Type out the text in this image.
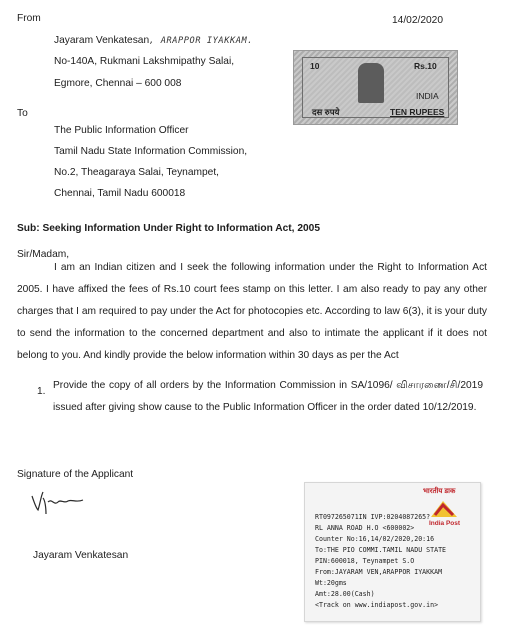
From	14/02/2020
Jayaram Venkatesan, ARAPPOR IYAKKAM.
No-140A, Rukmani Lakshmipathy Salai,
Egmore, Chennai – 600 008
10	Rs.10
INDIA
दस रुपये	TEN RUPEES
To
The Public Information Officer
Tamil Nadu State Information Commission,
No.2, Theagaraya Salai, Teynampet,
Chennai, Tamil Nadu 600018
Sub: Seeking Information Under Right to Information Act, 2005
Sir/Madam,
I am an Indian citizen and I seek the following information under the Right to Information Act 2005. I have affixed the fees of Rs.10 court fees stamp on this letter. I am also ready to pay any other charges that I am required to pay under the Act for photocopies etc. According to law 6(3), it is your duty to send the information to the concerned department and also to intimate the applicant if it does not belong to you. And kindly provide the below information within 30 days as per the Act
1.
Provide the copy of all orders by the Information Commission in SA/1096/ விசாரணை/சி/2019 issued after giving show cause to the Public Information Officer in the order dated 10/12/2019.
Signature of the Applicant
Jayaram Venkatesan
भारतीय डाक
India Post
RT097265071IN IVP:0204087265?
RL ANNA ROAD H.O <600002>
Counter No:16,14/02/2020,20:16
To:THE PIO COMMI.TAMIL NADU STATE
PIN:600018, Teynampet S.O
From:JAYARAM VEN,ARAPPOR IYAKKAM
Wt:20gms
Amt:28.00(Cash)
<Track on www.indiapost.gov.in>
